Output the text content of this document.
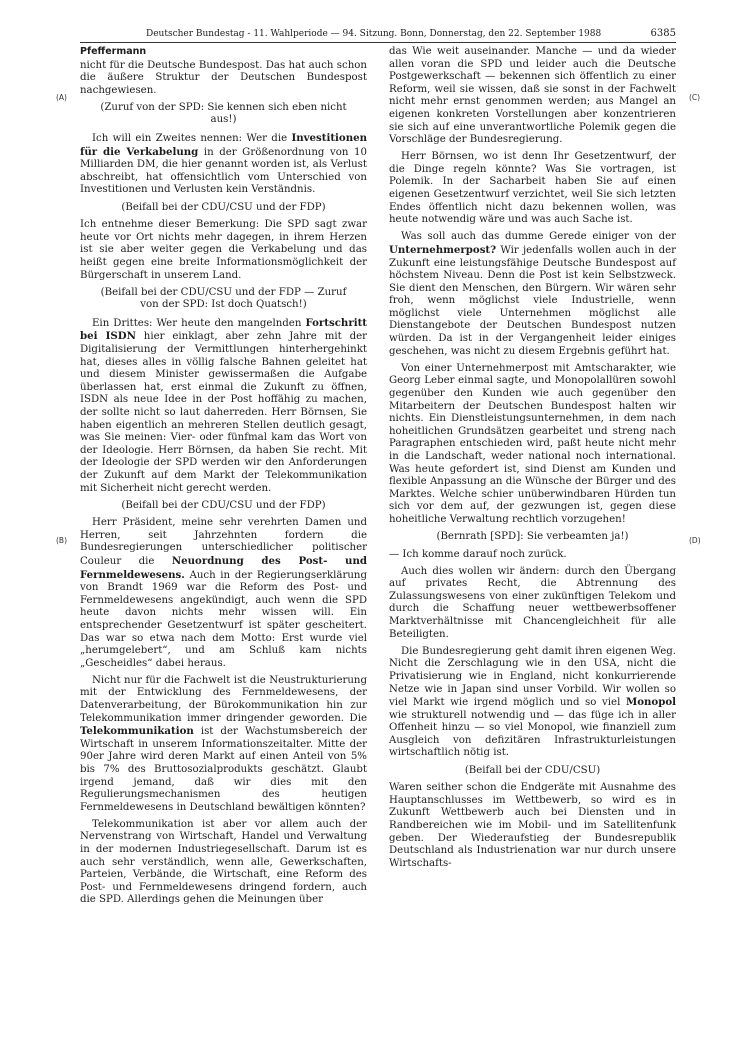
Deutscher Bundestag - 11. Wahlperiode — 94. Sitzung. Bonn, Donnerstag, den 22. September 1988	6385
(A)
(B)
(C)
(D)
Pfeffermann

nicht für die Deutsche Bundespost. Das hat auch schon die äußere Struktur der Deutschen Bundespost nachgewiesen.

(Zuruf von der SPD: Sie kennen sich eben nicht aus!)

Ich will ein Zweites nennen: Wer die Investitionen für die Verkabelung in der Größenordnung von 10 Milliarden DM, die hier genannt worden ist, als Verlust abschreibt, hat offensichtlich vom Unterschied von Investitionen und Verlusten kein Verständnis.

(Beifall bei der CDU/CSU und der FDP)

Ich entnehme dieser Bemerkung: Die SPD sagt zwar heute vor Ort nichts mehr dagegen, in ihrem Herzen ist sie aber weiter gegen die Verkabelung und das heißt gegen eine breite Informationsmöglichkeit der Bürgerschaft in unserem Land.

(Beifall bei der CDU/CSU und der FDP — Zuruf von der SPD: Ist doch Quatsch!)

Ein Drittes: Wer heute den mangelnden Fortschritt bei ISDN hier einklagt, aber zehn Jahre mit der Digitalisierung der Vermittlungen hinterhergehinkt hat, dieses alles in völlig falsche Bahnen geleitet hat und diesem Minister gewissermaßen die Aufgabe überlassen hat, erst einmal die Zukunft zu öffnen, ISDN als neue Idee in der Post hoffähig zu machen, der sollte nicht so laut daherreden. Herr Börnsen, Sie haben eigentlich an mehreren Stellen deutlich gesagt, was Sie meinen: Vier- oder fünfmal kam das Wort von der Ideologie. Herr Börnsen, da haben Sie recht. Mit der Ideologie der SPD werden wir den Anforderungen der Zukunft auf dem Markt der Telekommunikation mit Sicherheit nicht gerecht werden.

(Beifall bei der CDU/CSU und der FDP)

Herr Präsident, meine sehr verehrten Damen und Herren, seit Jahrzehnten fordern die Bundesregierungen unterschiedlicher politischer Couleur die Neuordnung des Post- und Fernmeldewesens. Auch in der Regierungserklärung von Brandt 1969 war die Reform des Post- und Fernmeldewesens angekündigt, auch wenn die SPD heute davon nichts mehr wissen will. Ein entsprechender Gesetzentwurf ist später gescheitert. Das war so etwa nach dem Motto: Erst wurde viel „herumgelebert“, und am Schluß kam nichts „Gescheidles“ dabei heraus.

Nicht nur für die Fachwelt ist die Neustrukturierung mit der Entwicklung des Fernmeldewesens, der Datenverarbeitung, der Bürokommunikation hin zur Telekommunikation immer dringender geworden. Die Telekommunikation ist der Wachstumsbereich der Wirtschaft in unserem Informationszeitalter. Mitte der 90er Jahre wird deren Markt auf einen Anteil von 5% bis 7% des Bruttosozialprodukts geschätzt. Glaubt irgend jemand, daß wir dies mit den Regulierungsmechanismen des heutigen Fernmeldewesens in Deutschland bewältigen könnten?

Telekommunikation ist aber vor allem auch der Nervenstrang von Wirtschaft, Handel und Verwaltung in der modernen Industriegesellschaft. Darum ist es auch sehr verständlich, wenn alle, Gewerkschaften, Parteien, Verbände, die Wirtschaft, eine Reform des Post- und Fernmeldewesens dringend fordern, auch die SPD. Allerdings gehen die Meinungen über

das Wie weit auseinander. Manche — und da wieder allen voran die SPD und leider auch die Deutsche Postgewerkschaft — bekennen sich öffentlich zu einer Reform, weil sie wissen, daß sie sonst in der Fachwelt nicht mehr ernst genommen werden; aus Mangel an eigenen konkreten Vorstellungen aber konzentrieren sie sich auf eine unverantwortliche Polemik gegen die Vorschläge der Bundesregierung.

Herr Börnsen, wo ist denn Ihr Gesetzentwurf, der die Dinge regeln könnte? Was Sie vortragen, ist Polemik. In der Sacharbeit haben Sie auf einen eigenen Gesetzentwurf verzichtet, weil Sie sich letzten Endes öffentlich nicht dazu bekennen wollen, was heute notwendig wäre und was auch Sache ist.

Was soll auch das dumme Gerede einiger von der Unternehmerpost? Wir jedenfalls wollen auch in der Zukunft eine leistungsfähige Deutsche Bundespost auf höchstem Niveau. Denn die Post ist kein Selbstzweck. Sie dient den Menschen, den Bürgern. Wir wären sehr froh, wenn möglichst viele Industrielle, wenn möglichst viele Unternehmen möglichst alle Dienstangebote der Deutschen Bundespost nutzen würden. Da ist in der Vergangenheit leider einiges geschehen, was nicht zu diesem Ergebnis geführt hat.

Von einer Unternehmerpost mit Amtscharakter, wie Georg Leber einmal sagte, und Monopolallüren sowohl gegenüber den Kunden wie auch gegenüber den Mitarbeitern der Deutschen Bundespost halten wir nichts. Ein Dienstleistungsunternehmen, in dem nach hoheitlichen Grundsätzen gearbeitet und streng nach Paragraphen entschieden wird, paßt heute nicht mehr in die Landschaft, weder national noch international. Was heute gefordert ist, sind Dienst am Kunden und flexible Anpassung an die Wünsche der Bürger und des Marktes. Welche schier unüberwindbaren Hürden tun sich vor dem auf, der gezwungen ist, gegen diese hoheitliche Verwaltung rechtlich vorzugehen!

(Bernrath [SPD]: Sie verbeamten ja!)

— Ich komme darauf noch zurück.

Auch dies wollen wir ändern: durch den Übergang auf privates Recht, die Abtrennung des Zulassungswesens von einer zukünftigen Telekom und durch die Schaffung neuer wettbewerbsoffener Marktverhältnisse mit Chancengleichheit für alle Beteiligten.

Die Bundesregierung geht damit ihren eigenen Weg. Nicht die Zerschlagung wie in den USA, nicht die Privatisierung wie in England, nicht konkurrierende Netze wie in Japan sind unser Vorbild. Wir wollen so viel Markt wie irgend möglich und so viel Monopol wie strukturell notwendig und — das füge ich in aller Offenheit hinzu — so viel Monopol, wie finanziell zum Ausgleich von defizitären Infrastrukturleistungen wirtschaftlich nötig ist.

(Beifall bei der CDU/CSU)

Waren seither schon die Endgeräte mit Ausnahme des Hauptanschlusses im Wettbewerb, so wird es in Zukunft Wettbewerb auch bei Diensten und in Randbereichen wie im Mobil- und im Satellitenfunk geben. Der Wiederaufstieg der Bundesrepublik Deutschland als Industrienation war nur durch unsere Wirtschafts-
